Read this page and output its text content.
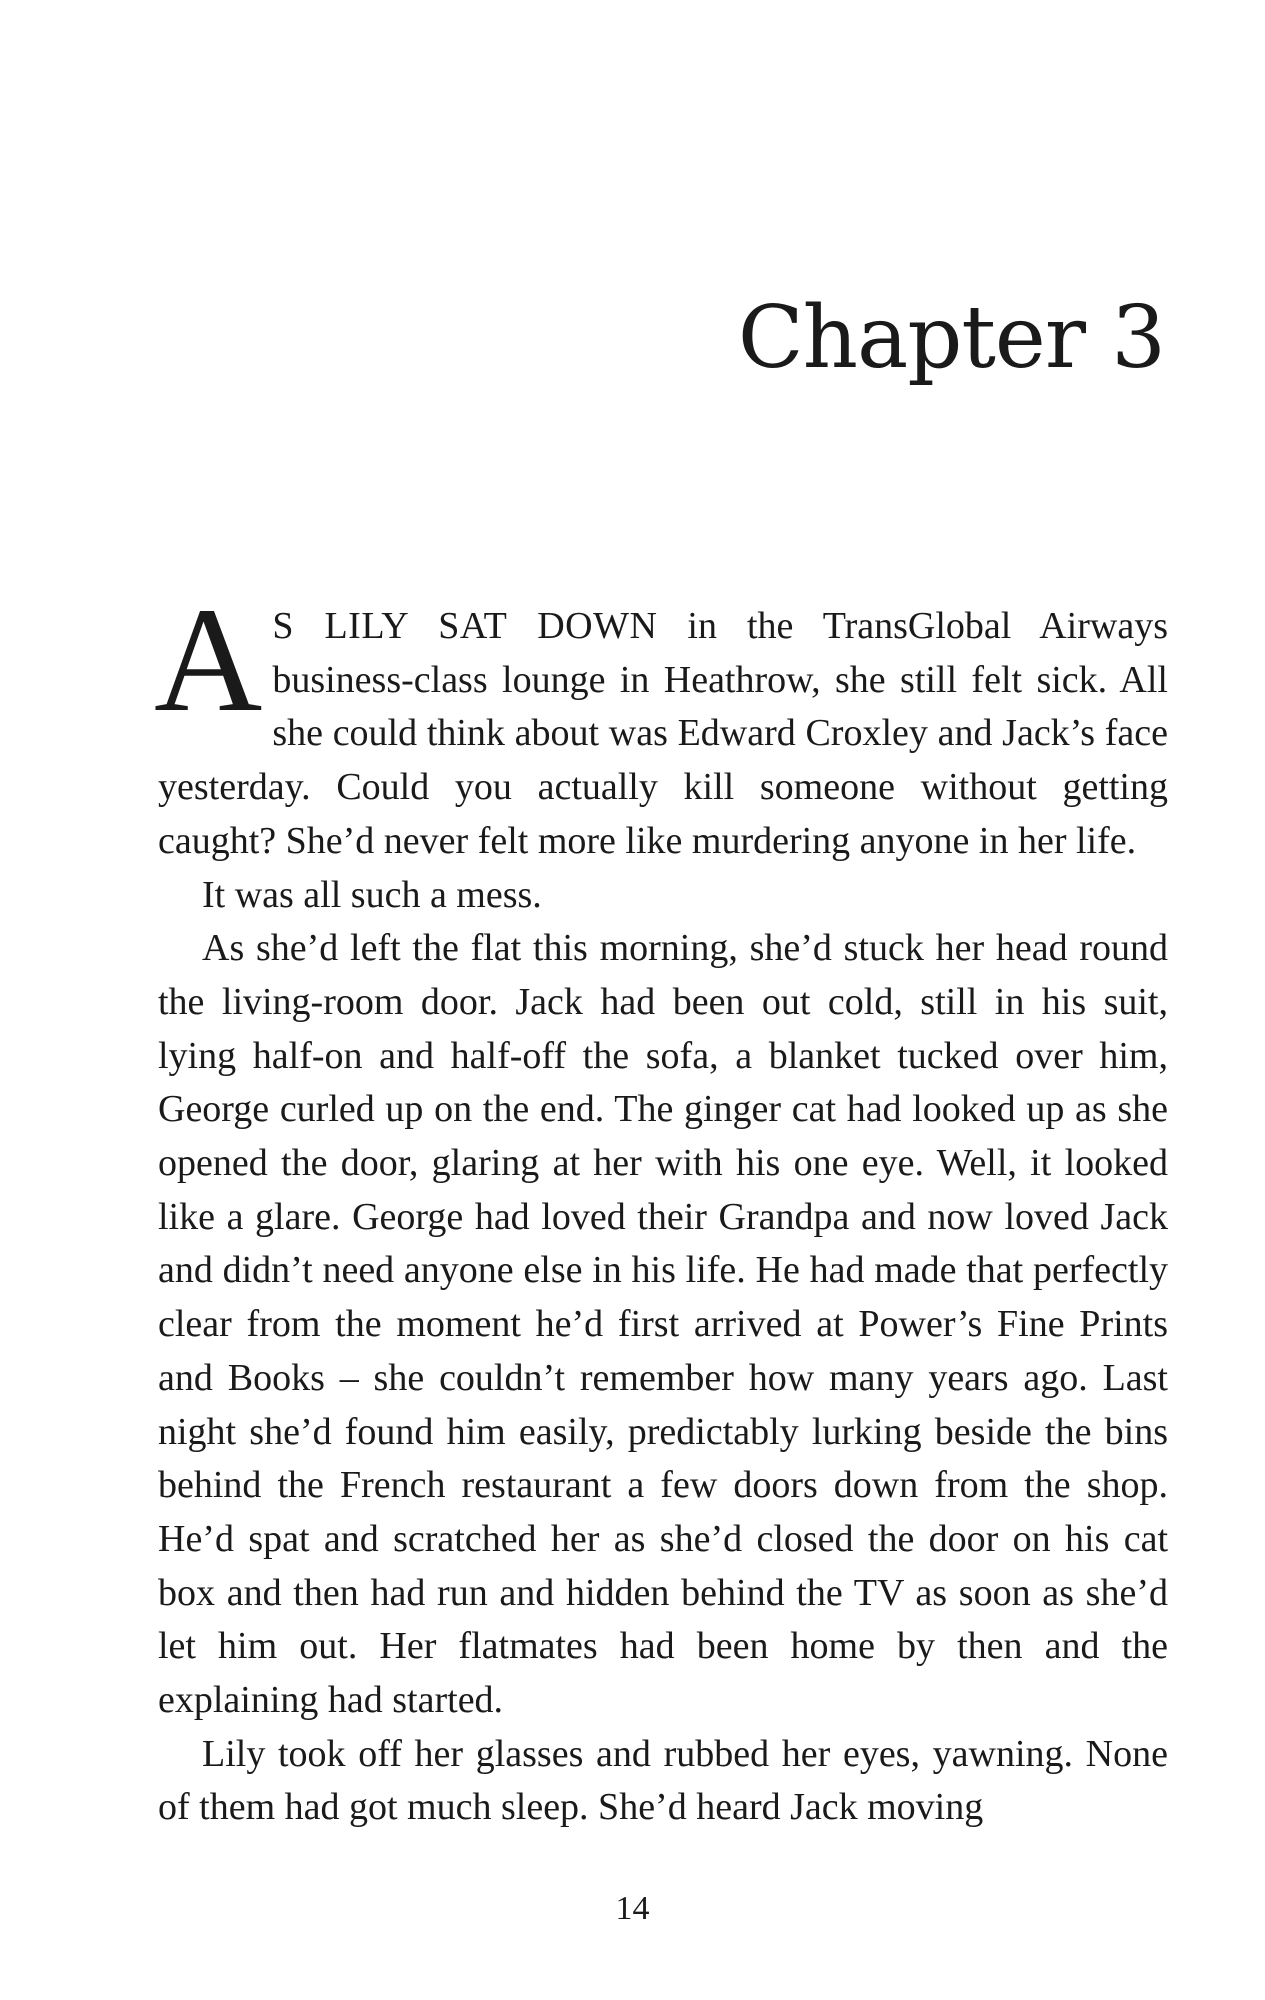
Chapter 3

A S LILY SAT DOWN in the TransGlobal Airways business-class lounge in Heathrow, she still felt sick. All she could think about was Edward Croxley and Jack’s face yesterday. Could you actually kill someone without getting caught? She’d never felt more like murdering anyone in her life.

It was all such a mess.

As she’d left the flat this morning, she’d stuck her head round the living-room door. Jack had been out cold, still in his suit, lying half-on and half-off the sofa, a blanket tucked over him, George curled up on the end. The ginger cat had looked up as she opened the door, glaring at her with his one eye. Well, it looked like a glare. George had loved their Grandpa and now loved Jack and didn’t need anyone else in his life. He had made that perfectly clear from the moment he’d first arrived at Power’s Fine Prints and Books – she couldn’t remember how many years ago. Last night she’d found him easily, predictably lurking beside the bins behind the French restaurant a few doors down from the shop. He’d spat and scratched her as she’d closed the door on his cat box and then had run and hidden behind the TV as soon as she’d let him out. Her flatmates had been home by then and the explaining had started.

Lily took off her glasses and rubbed her eyes, yawning. None of them had got much sleep. She’d heard Jack moving

14
